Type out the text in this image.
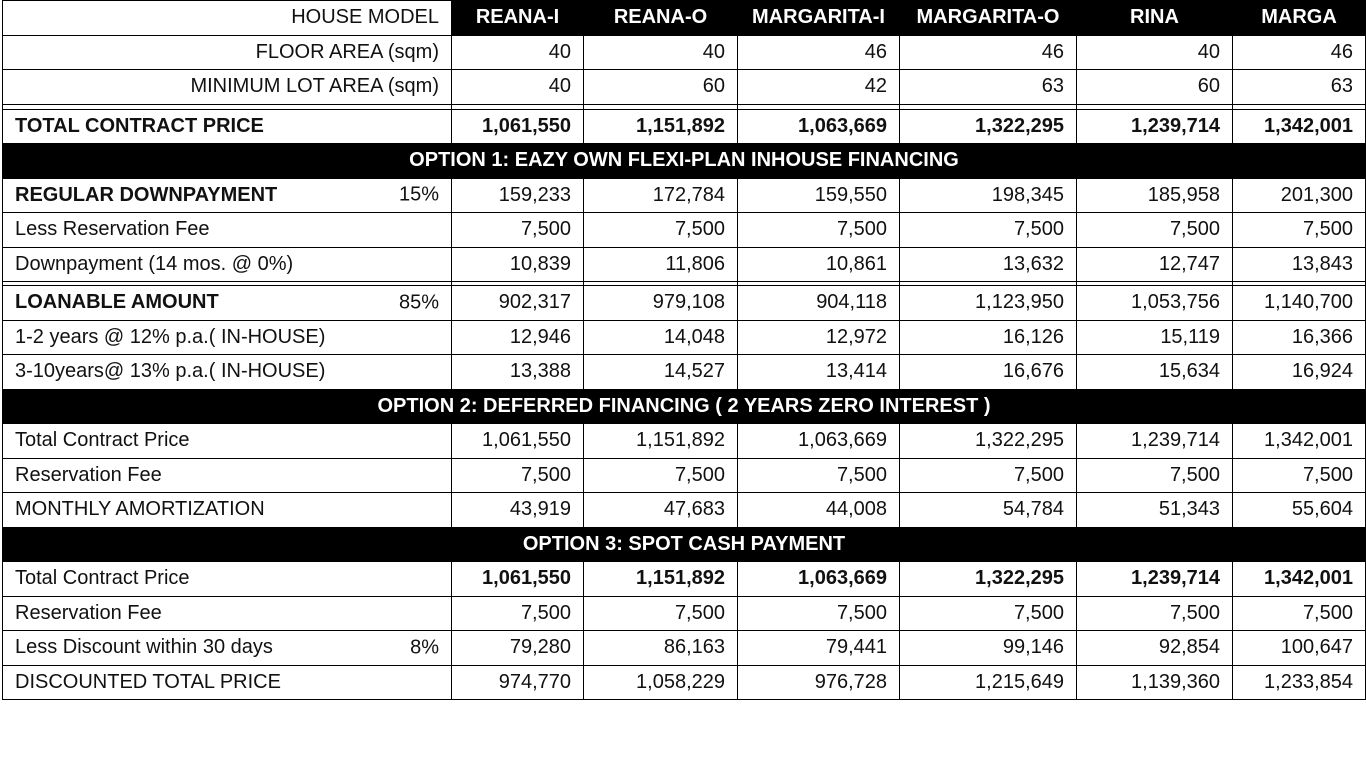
HOUSE MODEL	REANA-I	REANA-O	MARGARITA-I	MARGARITA-O	RINA	MARGA
FLOOR AREA (sqm)	40	40	46	46	40	46
MINIMUM LOT AREA (sqm)	40	60	42	63	60	63

TOTAL CONTRACT PRICE	1,061,550	1,151,892	1,063,669	1,322,295	1,239,714	1,342,001
OPTION 1: EAZY OWN FLEXI-PLAN INHOUSE FINANCING						
REGULAR DOWNPAYMENT 15%	159,233	172,784	159,550	198,345	185,958	201,300
Less Reservation Fee	7,500	7,500	7,500	7,500	7,500	7,500
Downpayment (14 mos. @ 0%)	10,839	11,806	10,861	13,632	12,747	13,843

LOANABLE AMOUNT 85%	902,317	979,108	904,118	1,123,950	1,053,756	1,140,700
1-2 years @ 12% p.a.( IN-HOUSE)	12,946	14,048	12,972	16,126	15,119	16,366
3-10years@ 13% p.a.( IN-HOUSE)	13,388	14,527	13,414	16,676	15,634	16,924
OPTION 2: DEFERRED FINANCING ( 2 YEARS ZERO INTEREST )						
Total Contract Price	1,061,550	1,151,892	1,063,669	1,322,295	1,239,714	1,342,001
Reservation Fee	7,500	7,500	7,500	7,500	7,500	7,500
MONTHLY AMORTIZATION	43,919	47,683	44,008	54,784	51,343	55,604
OPTION 3: SPOT CASH PAYMENT						
Total Contract Price	1,061,550	1,151,892	1,063,669	1,322,295	1,239,714	1,342,001
Reservation Fee	7,500	7,500	7,500	7,500	7,500	7,500
Less Discount within 30 days 8%	79,280	86,163	79,441	99,146	92,854	100,647
DISCOUNTED TOTAL PRICE	974,770	1,058,229	976,728	1,215,649	1,139,360	1,233,854
